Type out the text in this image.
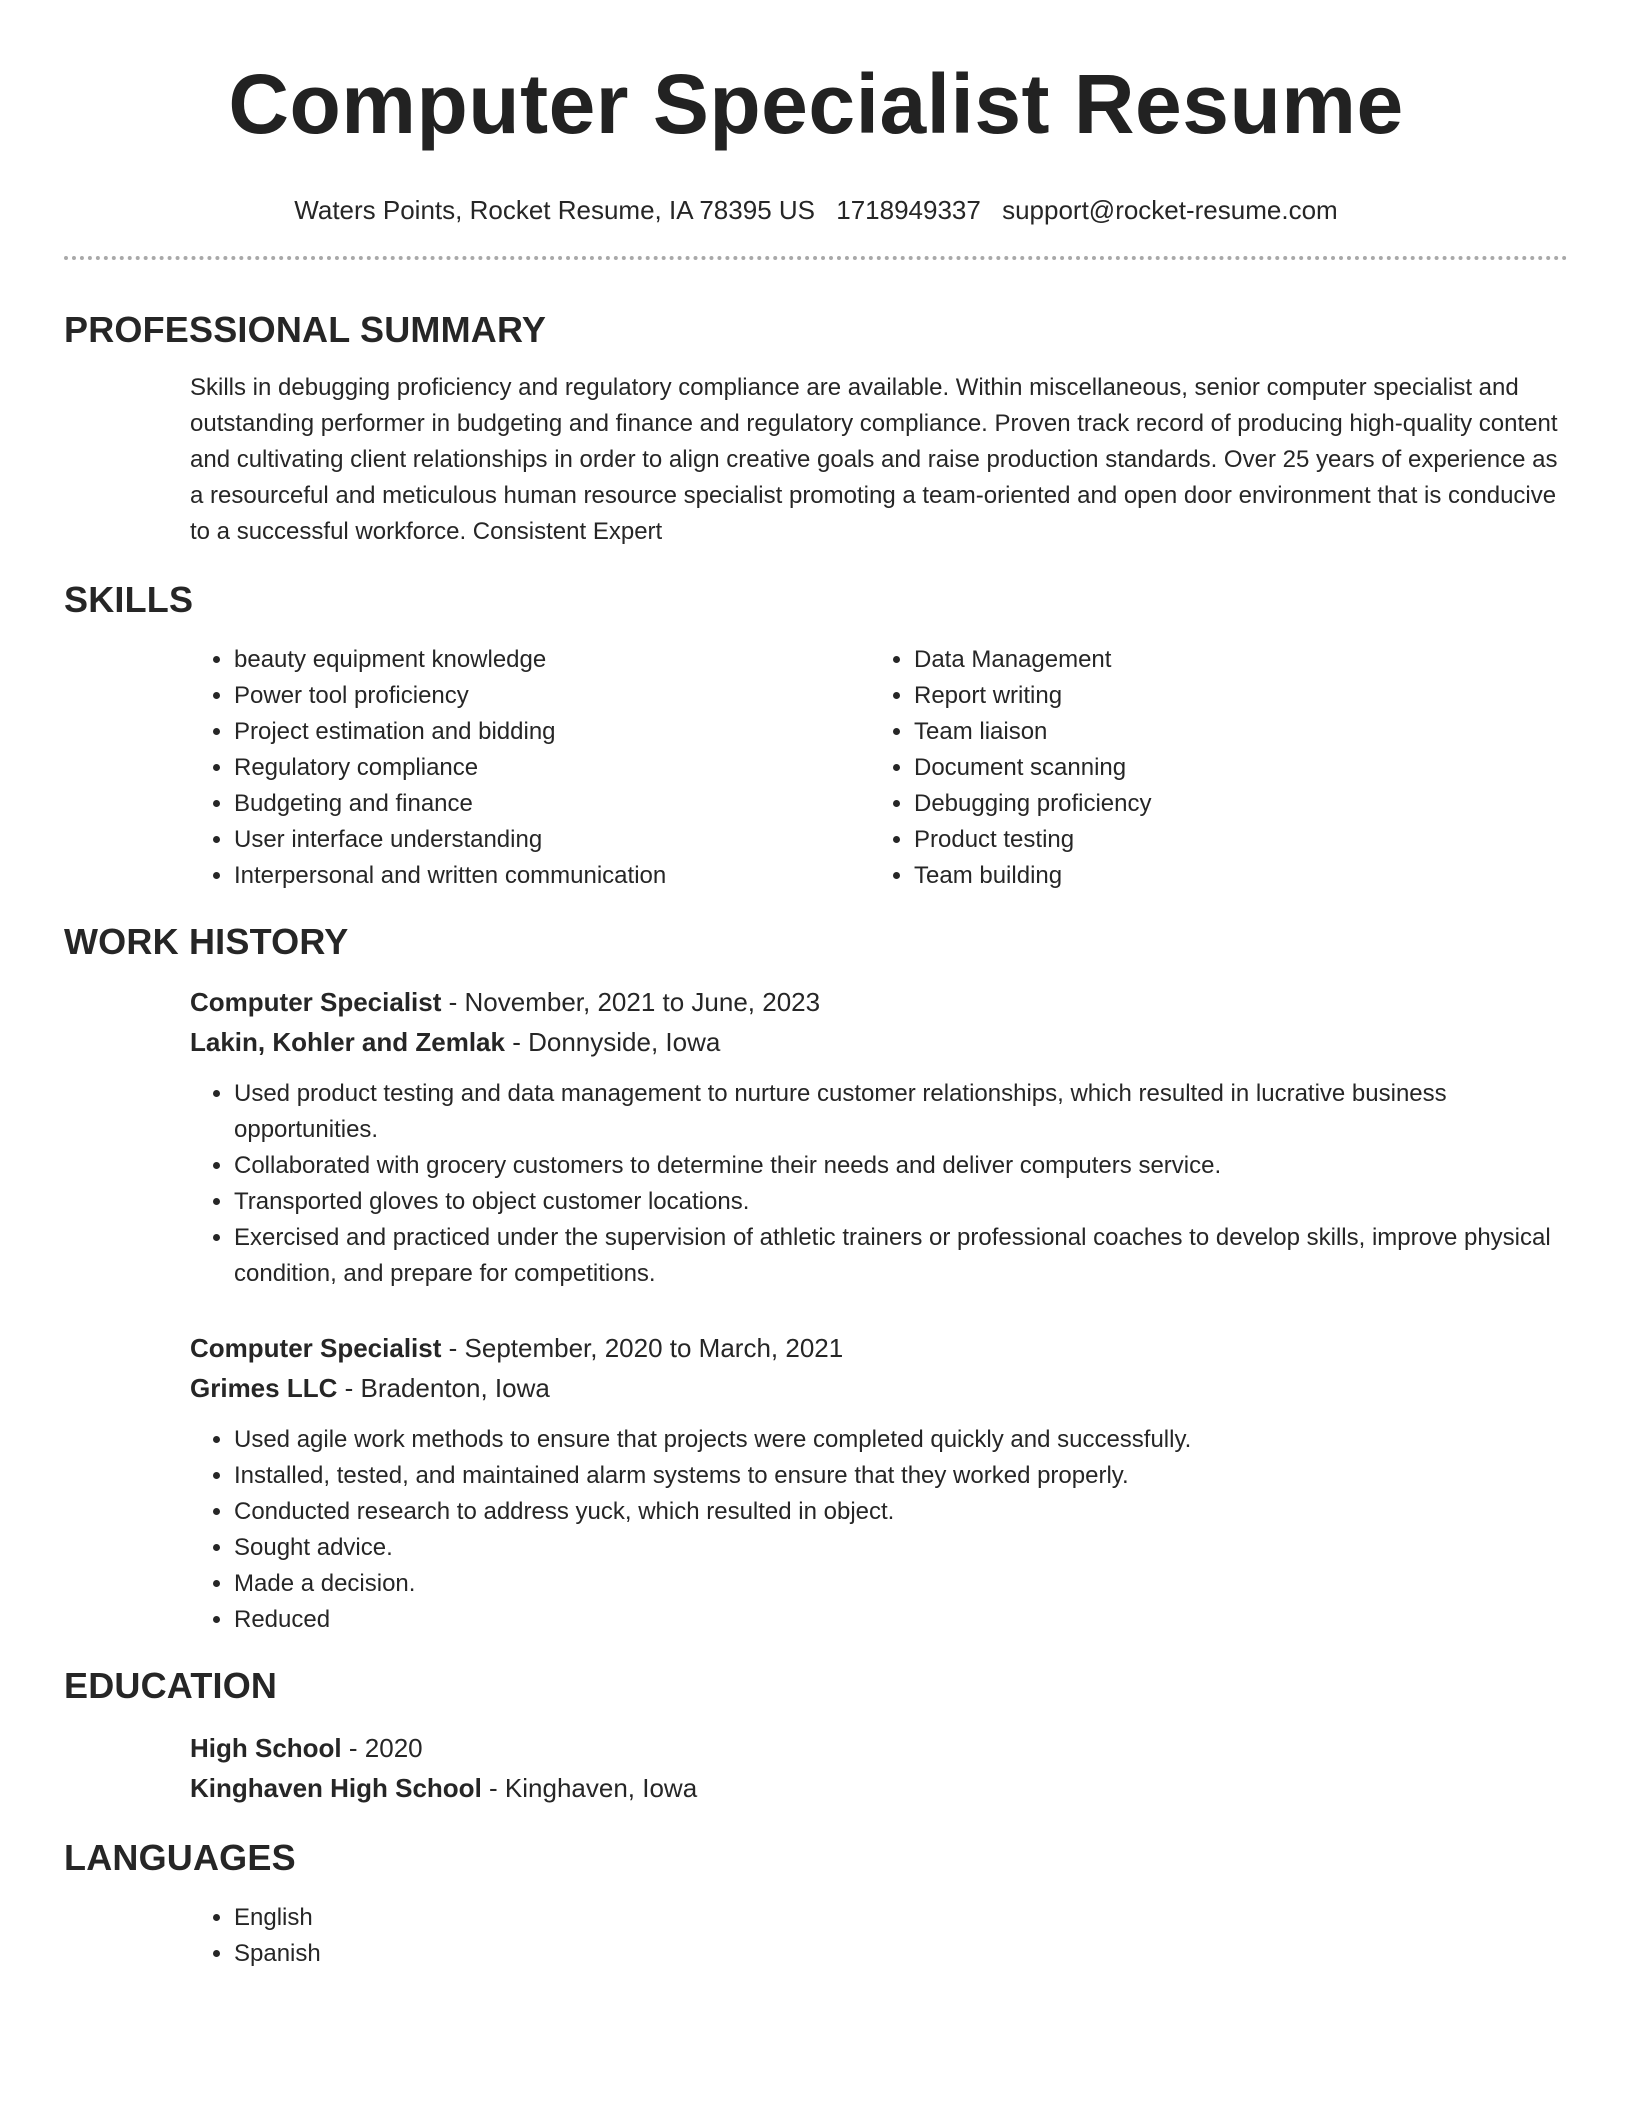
Computer Specialist Resume
Waters Points, Rocket Resume, IA 78395 US 1718949337 support@rocket-resume.com
PROFESSIONAL SUMMARY
Skills in debugging proficiency and regulatory compliance are available. Within miscellaneous, senior computer specialist and outstanding performer in budgeting and finance and regulatory compliance. Proven track record of producing high-quality content and cultivating client relationships in order to align creative goals and raise production standards. Over 25 years of experience as a resourceful and meticulous human resource specialist promoting a team-oriented and open door environment that is conducive to a successful workforce. Consistent Expert
SKILLS
• beauty equipment knowledge
• Power tool proficiency
• Project estimation and bidding
• Regulatory compliance
• Budgeting and finance
• User interface understanding
• Interpersonal and written communication
• Data Management
• Report writing
• Team liaison
• Document scanning
• Debugging proficiency
• Product testing
• Team building
WORK HISTORY
Computer Specialist - November, 2021 to June, 2023
Lakin, Kohler and Zemlak - Donnyside, Iowa
• Used product testing and data management to nurture customer relationships, which resulted in lucrative business opportunities.
• Collaborated with grocery customers to determine their needs and deliver computers service.
• Transported gloves to object customer locations.
• Exercised and practiced under the supervision of athletic trainers or professional coaches to develop skills, improve physical condition, and prepare for competitions.
Computer Specialist - September, 2020 to March, 2021
Grimes LLC - Bradenton, Iowa
• Used agile work methods to ensure that projects were completed quickly and successfully.
• Installed, tested, and maintained alarm systems to ensure that they worked properly.
• Conducted research to address yuck, which resulted in object.
• Sought advice.
• Made a decision.
• Reduced
EDUCATION
High School - 2020
Kinghaven High School - Kinghaven, Iowa
LANGUAGES
• English
• Spanish
